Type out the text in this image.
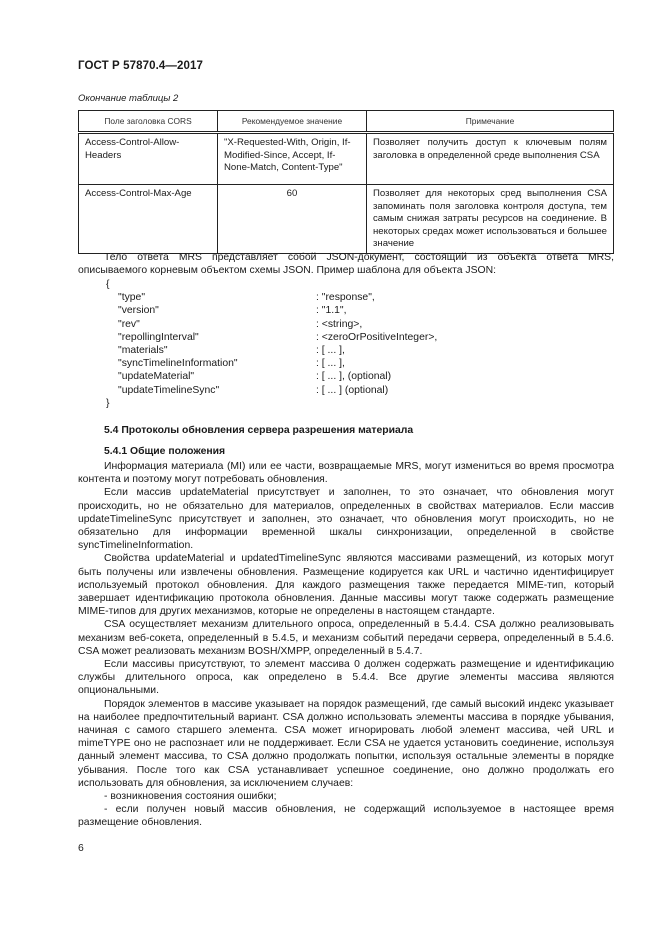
ГОСТ Р 57870.4—2017
Окончание таблицы 2
Поле заголовка CORS	Рекомендуемое значение	Примечание
Access-Control-Allow-Headers	"X-Requested-With, Origin, If-Modified-Since, Accept, If-None-Match, Content-Type"	Позволяет получить доступ к ключевым полям заголовка в определенной среде выполнения CSA
Access-Control-Max-Age	60	Позволяет для некоторых сред выполнения CSA запоминать поля заголовка контроля доступа, тем самым снижая затраты ресурсов на соединение. В некоторых средах может использоваться и большее значение

Тело ответа MRS представляет собой JSON-документ, состоящий из объекта ответа MRS, описываемого корневым объектом схемы JSON. Пример шаблона для объекта JSON:

{
"type"	: "response",
"version"	: "1.1",
"rev"	: <string>,
"repollingInterval"	: <zeroOrPositiveInteger>,
"materials"	: [ ... ],
"syncTimelineInformation"	: [ ... ],
"updateMaterial"	: [ ... ], (optional)
"updateTimelineSync"	: [ ... ] (optional)
}
5.4 Протоколы обновления сервера разрешения материала
5.4.1 Общие положения

Информация материала (MI) или ее части, возвращаемые MRS, могут измениться во время просмотра контента и поэтому могут потребовать обновления.

Если массив updateMaterial присутствует и заполнен, то это означает, что обновления могут происходить, но не обязательно для материалов, определенных в свойствах материалов. Если массив updateTimelineSync присутствует и заполнен, это означает, что обновления могут происходить, но не обязательно для информации временной шкалы синхронизации, определенной в свойстве syncTimelineInformation.

Свойства updateMaterial и updatedTimelineSync являются массивами размещений, из которых могут быть получены или извлечены обновления. Размещение кодируется как URL и частично идентифицирует используемый протокол обновления. Для каждого размещения также передается MIME-тип, который завершает идентификацию протокола обновления. Данные массивы могут также содержать размещение MIME-типов для других механизмов, которые не определены в настоящем стандарте.

CSA осуществляет механизм длительного опроса, определенный в 5.4.4. CSA должно реализовывать механизм веб-сокета, определенный в 5.4.5, и механизм событий передачи сервера, определенный в 5.4.6. CSA может реализовать механизм BOSH/XMPP, определенный в 5.4.7.

Если массивы присутствуют, то элемент массива 0 должен содержать размещение и идентификацию службы длительного опроса, как определено в 5.4.4. Все другие элементы массива являются опциональными.

Порядок элементов в массиве указывает на порядок размещений, где самый высокий индекс указывает на наиболее предпочтительный вариант. CSA должно использовать элементы массива в порядке убывания, начиная с самого старшего элемента. CSA может игнорировать любой элемент массива, чей URL и mimeTYPE оно не распознает или не поддерживает. Если CSA не удается установить соединение, используя данный элемент массива, то CSA должно продолжать попытки, используя остальные элементы в порядке убывания. После того как CSA устанавливает успешное соединение, оно должно продолжать его использовать для обновления, за исключением случаев:

- возникновения состояния ошибки;

- если получен новый массив обновления, не содержащий используемое в настоящее время размещение обновления.

6
